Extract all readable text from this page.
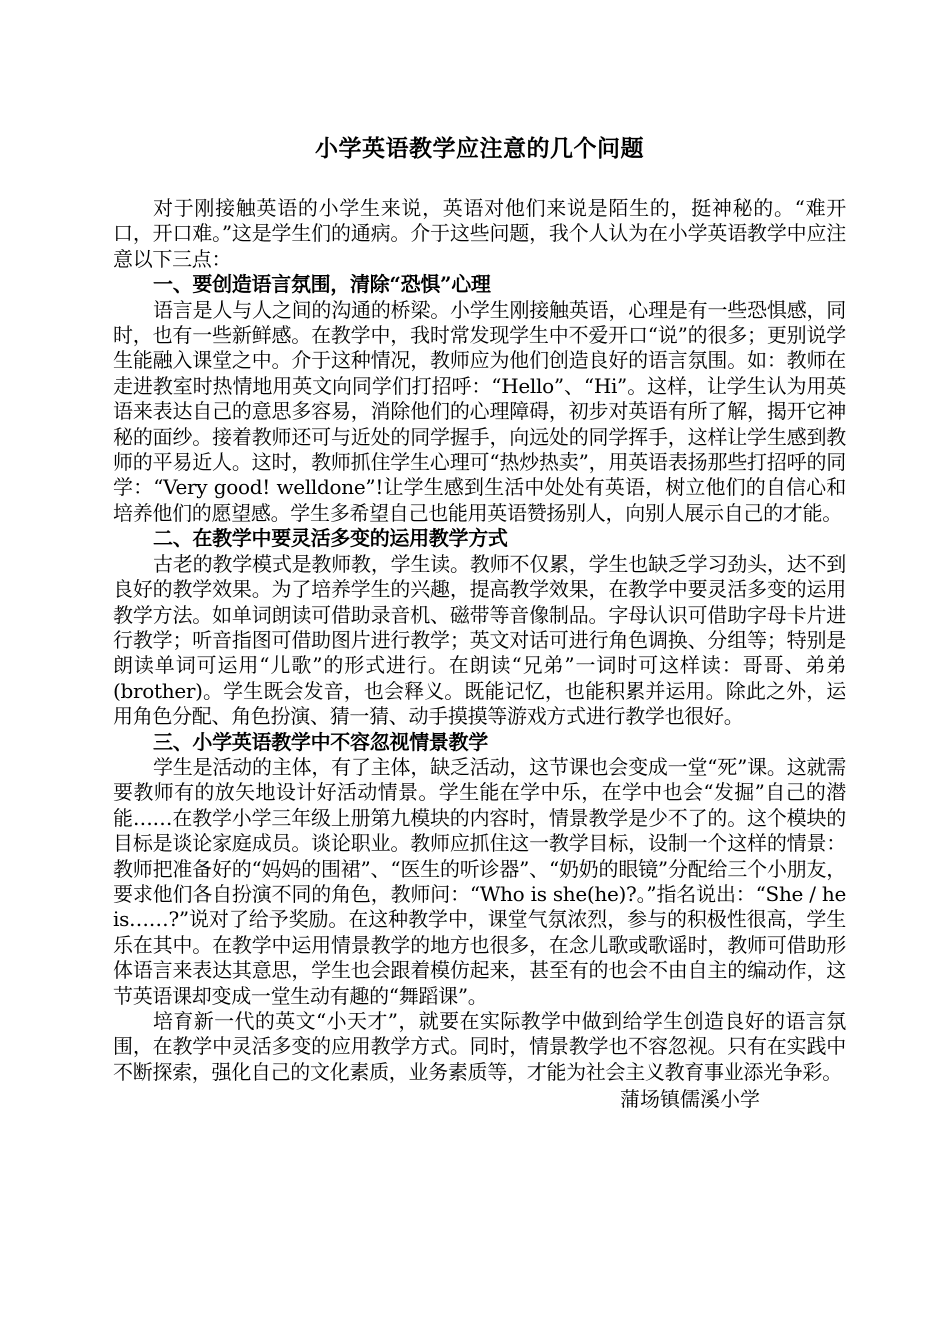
小学英语教学应注意的几个问题

对于刚接触英语的小学生来说，英语对他们来说是陌生的，挺神秘的。“难开口，开口难。”这是学生们的通病。介于这些问题，我个人认为在小学英语教学中应注意以下三点：

一、要创造语言氛围，清除“恐惧”心理

语言是人与人之间的沟通的桥梁。小学生刚接触英语，心理是有一些恐惧感，同时，也有一些新鲜感。在教学中，我时常发现学生中不爱开口“说”的很多；更别说学生能融入课堂之中。介于这种情况，教师应为他们创造良好的语言氛围。如：教师在走进教室时热情地用英文向同学们打招呼：“Hello”、“Hi”。这样，让学生认为用英语来表达自己的意思多容易，消除他们的心理障碍，初步对英语有所了解，揭开它神秘的面纱。接着教师还可与近处的同学握手，向远处的同学挥手，这样让学生感到教师的平易近人。这时，教师抓住学生心理可“热炒热卖”，用英语表扬那些打招呼的同学：“Very good! welldone”!让学生感到生活中处处有英语，树立他们的自信心和培养他们的愿望感。学生多希望自己也能用英语赞扬别人，向别人展示自己的才能。

二、在教学中要灵活多变的运用教学方式

古老的教学模式是教师教，学生读。教师不仅累，学生也缺乏学习劲头，达不到良好的教学效果。为了培养学生的兴趣，提高教学效果，在教学中要灵活多变的运用教学方法。如单词朗读可借助录音机、磁带等音像制品。字母认识可借助字母卡片进行教学；听音指图可借助图片进行教学；英文对话可进行角色调换、分组等；特别是朗读单词可运用“儿歌”的形式进行。在朗读“兄弟”一词时可这样读：哥哥、弟弟(brother)。学生既会发音，也会释义。既能记忆，也能积累并运用。除此之外，运用角色分配、角色扮演、猜一猜、动手摸摸等游戏方式进行教学也很好。

三、小学英语教学中不容忽视情景教学

学生是活动的主体，有了主体，缺乏活动，这节课也会变成一堂“死”课。这就需要教师有的放矢地设计好活动情景。学生能在学中乐，在学中也会“发掘”自己的潜能……在教学小学三年级上册第九模块的内容时，情景教学是少不了的。这个模块的目标是谈论家庭成员。谈论职业。教师应抓住这一教学目标，设制一个这样的情景：教师把准备好的“妈妈的围裙”、“医生的听诊器”、“奶奶的眼镜”分配给三个小朋友，要求他们各自扮演不同的角色，教师问：“Who is she(he)?。”指名说出：“She / he is……?”说对了给予奖励。在这种教学中，课堂气氛浓烈，参与的积极性很高，学生乐在其中。在教学中运用情景教学的地方也很多，在念儿歌或歌谣时，教师可借助形体语言来表达其意思，学生也会跟着模仿起来，甚至有的也会不由自主的编动作，这节英语课却变成一堂生动有趣的“舞蹈课”。

培育新一代的英文“小天才”，就要在实际教学中做到给学生创造良好的语言氛围，在教学中灵活多变的应用教学方式。同时，情景教学也不容忽视。只有在实践中不断探索，强化自己的文化素质，业务素质等，才能为社会主义教育事业添光争彩。

蒲场镇儒溪小学
